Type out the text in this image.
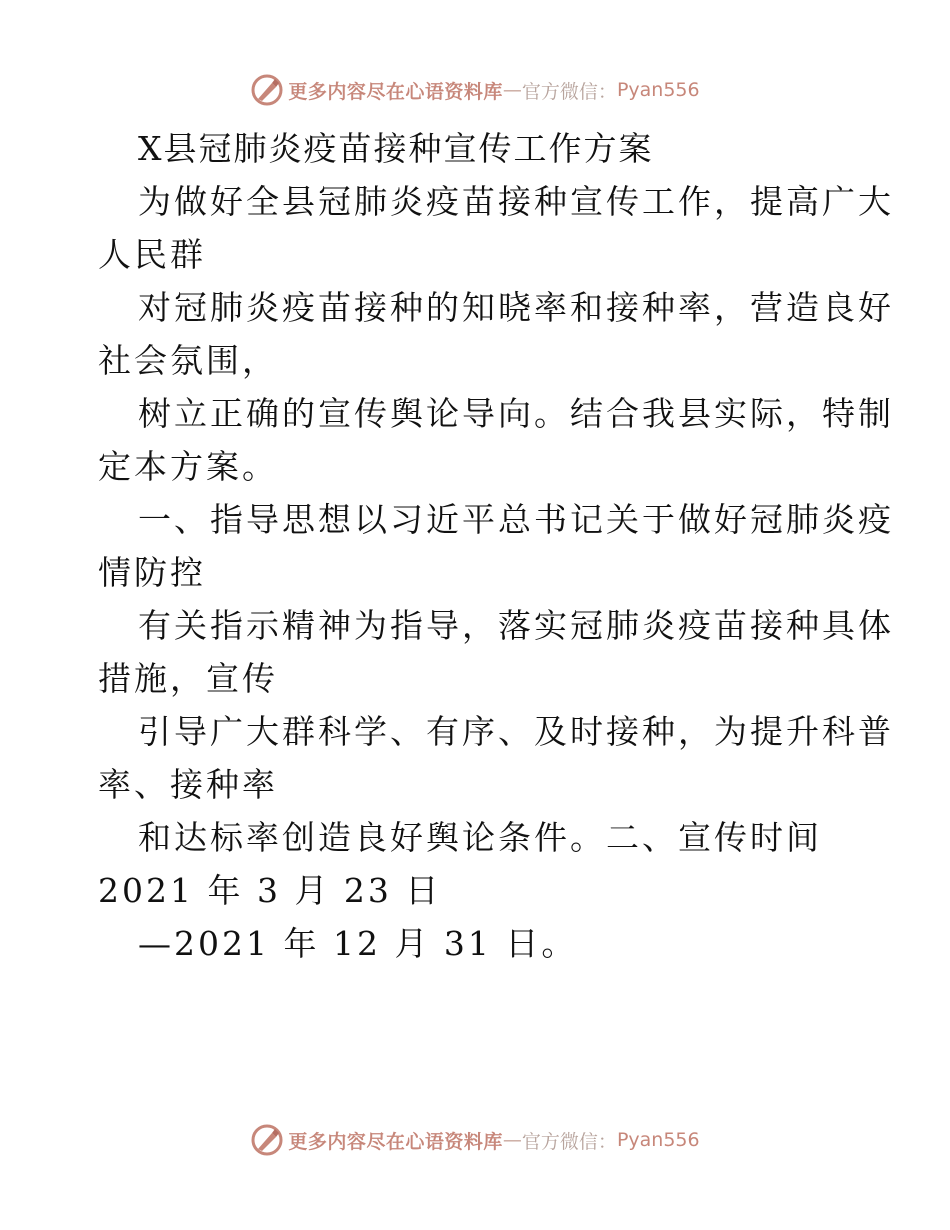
更多内容尽在心语资料库 — 官方微信： Pyan556
X县冠肺炎疫苗接种宣传工作方案
为做好全县冠肺炎疫苗接种宣传工作，提高广大
人民群
对冠肺炎疫苗接种的知晓率和接种率，营造良好
社会氛围，
树立正确的宣传舆论导向。结合我县实际，特制
定本方案。
一、指导思想以习近平总书记关于做好冠肺炎疫
情防控
有关指示精神为指导，落实冠肺炎疫苗接种具体
措施，宣传
引导广大群科学、有序、及时接种，为提升科普
率、接种率
和达标率创造良好舆论条件。二、宣传时间
2021 年 3 月 23 日
—2021 年 12 月 31 日。
更多内容尽在心语资料库 — 官方微信： Pyan556
